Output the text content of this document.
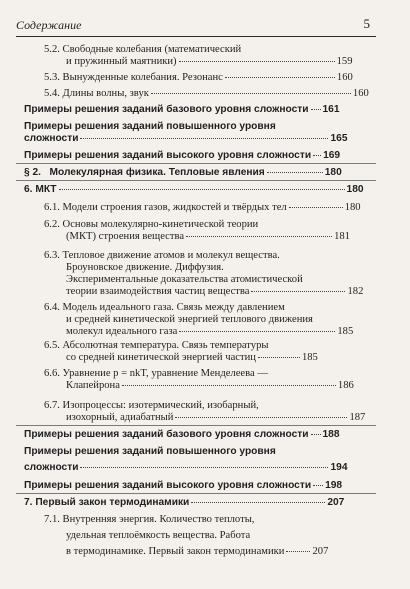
Содержание	5
5.2. Свободные колебания (математический
и пружинный маятники)	159
5.3. Вынужденные колебания. Резонанс	160
5.4. Длины волны, звук	160
Примеры решения заданий базового уровня сложности 161
Примеры решения заданий повышенного уровня
сложности	165
Примеры решения заданий высокого уровня сложности 169
§ 2. Молекулярная физика. Тепловые явления	180
6. МКТ	180
6.1. Модели строения газов, жидкостей и твёрдых тел	180
6.2. Основы молекулярно-кинетической теории
(МКТ) строения вещества	181
6.3. Тепловое движение атомов и молекул вещества.
Броуновское движение. Диффузия.
Экспериментальные доказательства атомистической
теории взаимодействия частиц вещества	182
6.4. Модель идеального газа. Связь между давлением
и средней кинетической энергией теплового движения
молекул идеального газа	185
6.5. Абсолютная температура. Связь температуры
со средней кинетической энергией частиц	185
6.6. Уравнение p = nkT, уравнение Менделеева —
Клапейрона	186
6.7. Изопроцессы: изотермический, изобарный,
изохорный, адиабатный	187
Примеры решения заданий базового уровня сложности 188
Примеры решения заданий повышенного уровня
сложности	194
Примеры решения заданий высокого уровня сложности 198
7. Первый закон термодинамики	207
7.1. Внутренняя энергия. Количество теплоты,
удельная теплоёмкость вещества. Работа
в термодинамике. Первый закон термодинамики	207
